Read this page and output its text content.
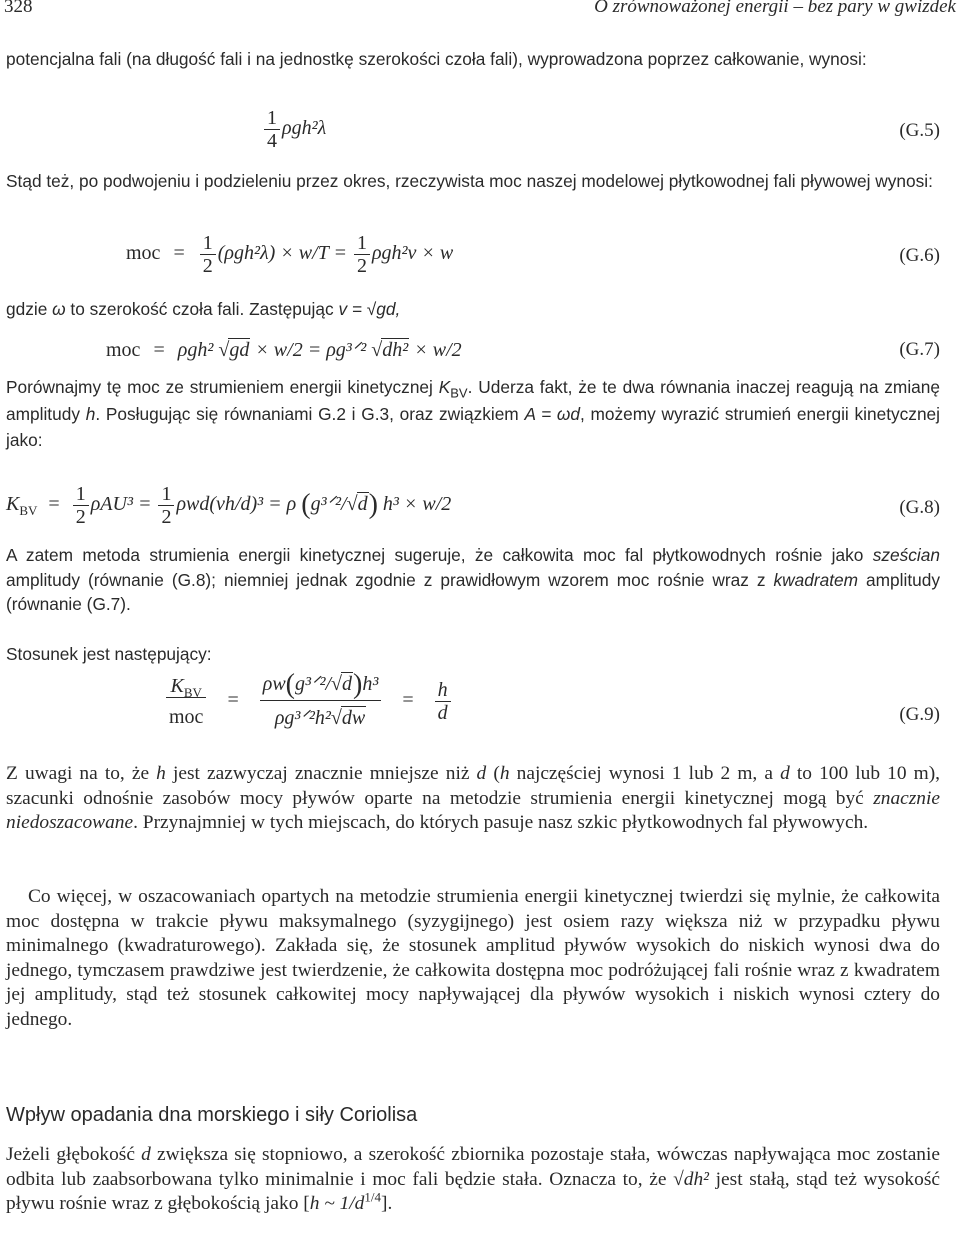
328	O zrównoważonej energii – bez pary w gwizdek
potencjalna fali (na długość fali i na jednostkę szerokości czoła fali), wyprowadzona poprzez całkowanie, wynosi:
$\frac{1}{4} \rho gh^2\lambda$	(G.5)
Stąd też, po podwojeniu i podzieleniu przez okres, rzeczywista moc naszej modelowej płytkowodnej fali pływowej wynosi:
moc = $\frac{1}{2} (\rho gh^2\lambda) \times w/T = \frac{1}{2} \rho gh^2v \times w$	(G.6)
gdzie ω to szerokość czoła fali. Zastępując v = √gd,
moc = ρgh² √gd × w/2 = ρg³ᐟ² √dh² × w/2	(G.7)
Porównajmy tę moc ze strumieniem energii kinetycznej $K_{BV}$. Uderza fakt, że te dwa równania inaczej reagują na zmianę amplitudy h. Posługując się równaniami G.2 i G.3, oraz związkiem A = ωd, możemy wyrazić strumień energii kinetycznej jako:
$K_{BV} = \frac{1}{2} \rho AU^3 = \frac{1}{2} \rho wd(vh/d)^3 = \rho$ (g³ᐟ²/√d) h³ × w/2	(G.8)
A zatem metoda strumienia energii kinetycznej sugeruje, że całkowita moc fal płytkowodnych rośnie jako sześcian amplitudy (równanie (G.8); niemniej jednak zgodnie z prawidłowym wzorem moc rośnie wraz z kwadratem amplitudy (równanie (G.7).
Stosunek jest następujący:
$\frac{K_{BV}}{\text{moc}} = \frac{\text{ρw(g³ᐟ²/√d)h³}}{\text{ρg³ᐟ²h²√dw}} = \frac{h}{d}$	(G.9)
Z uwagi na to, że h jest zazwyczaj znacznie mniejsze niż d (h najczęściej wynosi 1 lub 2 m, a d to 100 lub 10 m), szacunki odnośnie zasobów mocy pływów oparte na metodzie strumienia energii kinetycznej mogą być znacznie niedoszacowane. Przynajmniej w tych miejscach, do których pasuje nasz szkic płytkowodnych fal pływowych.
Co więcej, w oszacowaniach opartych na metodzie strumienia energii kinetycznej twierdzi się mylnie, że całkowita moc dostępna w trakcie pływu maksymalnego (syzygijnego) jest osiem razy większa niż w przypadku pływu minimalnego (kwadraturowego). Zakłada się, że stosunek amplitud pływów wysokich do niskich wynosi dwa do jednego, tymczasem prawdziwe jest twierdzenie, że całkowita dostępna moc podróżującej fali rośnie wraz z kwadratem jej amplitudy, stąd też stosunek całkowitej mocy napływającej dla pływów wysokich i niskich wynosi cztery do jednego.
Wpływ opadania dna morskiego i siły Coriolisa
Jeżeli głębokość d zwiększa się stopniowo, a szerokość zbiornika pozostaje stała, wówczas napływająca moc zostanie odbita lub zaabsorbowana tylko minimalnie i moc fali będzie stała. Oznacza to, że √dh² jest stałą, stąd też wysokość pływu rośnie wraz z głębokością jako [h ~ $1/d^{1/4}$].
